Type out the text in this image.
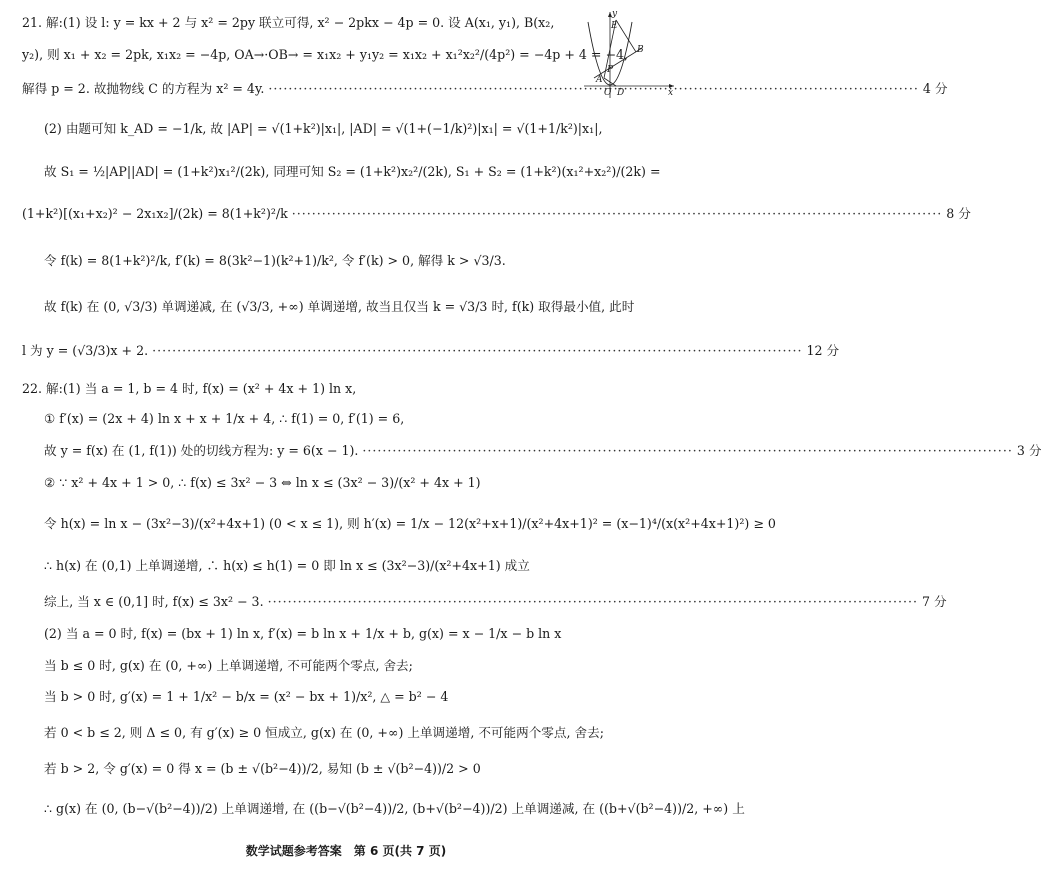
21. 解:(1) 设 l: y = kx + 2 与 x² = 2py 联立可得, x² − 2pkx − 4p = 0. 设 A(x₁, y₁), B(x₂,
y₂), 则 x₁ + x₂ = 2pk, x₁x₂ = −4p, OA→·OB→ = x₁x₂ + y₁y₂ = x₁x₂ + x₁²x₂²/(4p²) = −4p + 4 = −4,
解得 p = 2. 故抛物线 C 的方程为 x² = 4y. ·····	4 分
(2) 由题可知 k_AD = −1/k, 故 |AP| = √(1+k²)|x₁|, |AD| = √(1+(−1/k)²)|x₁| = √(1+1/k²)|x₁|,
故 S₁ = ½|AP||AD| = (1+k²)x₁²/(2k), 同理可知 S₂ = (1+k²)x₂²/(2k), S₁ + S₂ = (1+k²)(x₁²+x₂²)/(2k) =
(1+k²)[(x₁+x₂)² − 2x₁x₂]/(2k) = 8(1+k²)²/k ·····	8 分
令 f(k) = 8(1+k²)²/k, f′(k) = 8(3k²−1)(k²+1)/k², 令 f′(k) > 0, 解得 k > √3/3.
故 f(k) 在 (0, √3/3) 单调递减, 在 (√3/3, +∞) 单调递增, 故当且仅当 k = √3/3 时, f(k) 取得最小值, 此时
l 为 y = (√3/3)x + 2. ·····	12 分
y
E
B
P
A
O D	x
22. 解:(1) 当 a = 1, b = 4 时, f(x) = (x² + 4x + 1) ln x,
① f′(x) = (2x + 4) ln x + x + 1/x + 4, ∴ f(1) = 0, f′(1) = 6,
故 y = f(x) 在 (1, f(1)) 处的切线方程为: y = 6(x − 1). ·····	3 分
② ∵ x² + 4x + 1 > 0, ∴ f(x) ≤ 3x² − 3 ⇔ ln x ≤ (3x² − 3)/(x² + 4x + 1)
令 h(x) = ln x − (3x²−3)/(x²+4x+1) (0 < x ≤ 1), 则 h′(x) = 1/x − 12(x²+x+1)/(x²+4x+1)² = (x−1)⁴/(x(x²+4x+1)²) ≥ 0
∴ h(x) 在 (0,1) 上单调递增, ∴ h(x) ≤ h(1) = 0 即 ln x ≤ (3x²−3)/(x²+4x+1) 成立
综上, 当 x ∈ (0,1] 时, f(x) ≤ 3x² − 3. ·····	7 分
(2) 当 a = 0 时, f(x) = (bx + 1) ln x, f′(x) = b ln x + 1/x + b, g(x) = x − 1/x − b ln x
当 b ≤ 0 时, g(x) 在 (0, +∞) 上单调递增, 不可能两个零点, 舍去;
当 b > 0 时, g′(x) = 1 + 1/x² − b/x = (x² − bx + 1)/x², △ = b² − 4
若 0 < b ≤ 2, 则 Δ ≤ 0, 有 g′(x) ≥ 0 恒成立, g(x) 在 (0, +∞) 上单调递增, 不可能两个零点, 舍去;
若 b > 2, 令 g′(x) = 0 得 x = (b ± √(b²−4))/2, 易知 (b ± √(b²−4))/2 > 0
∴ g(x) 在 (0, (b−√(b²−4))/2) 上单调递增, 在 ((b−√(b²−4))/2, (b+√(b²−4))/2) 上单调递减, 在 ((b+√(b²−4))/2, +∞) 上
数学试题参考答案　第 6 页(共 7 页)
